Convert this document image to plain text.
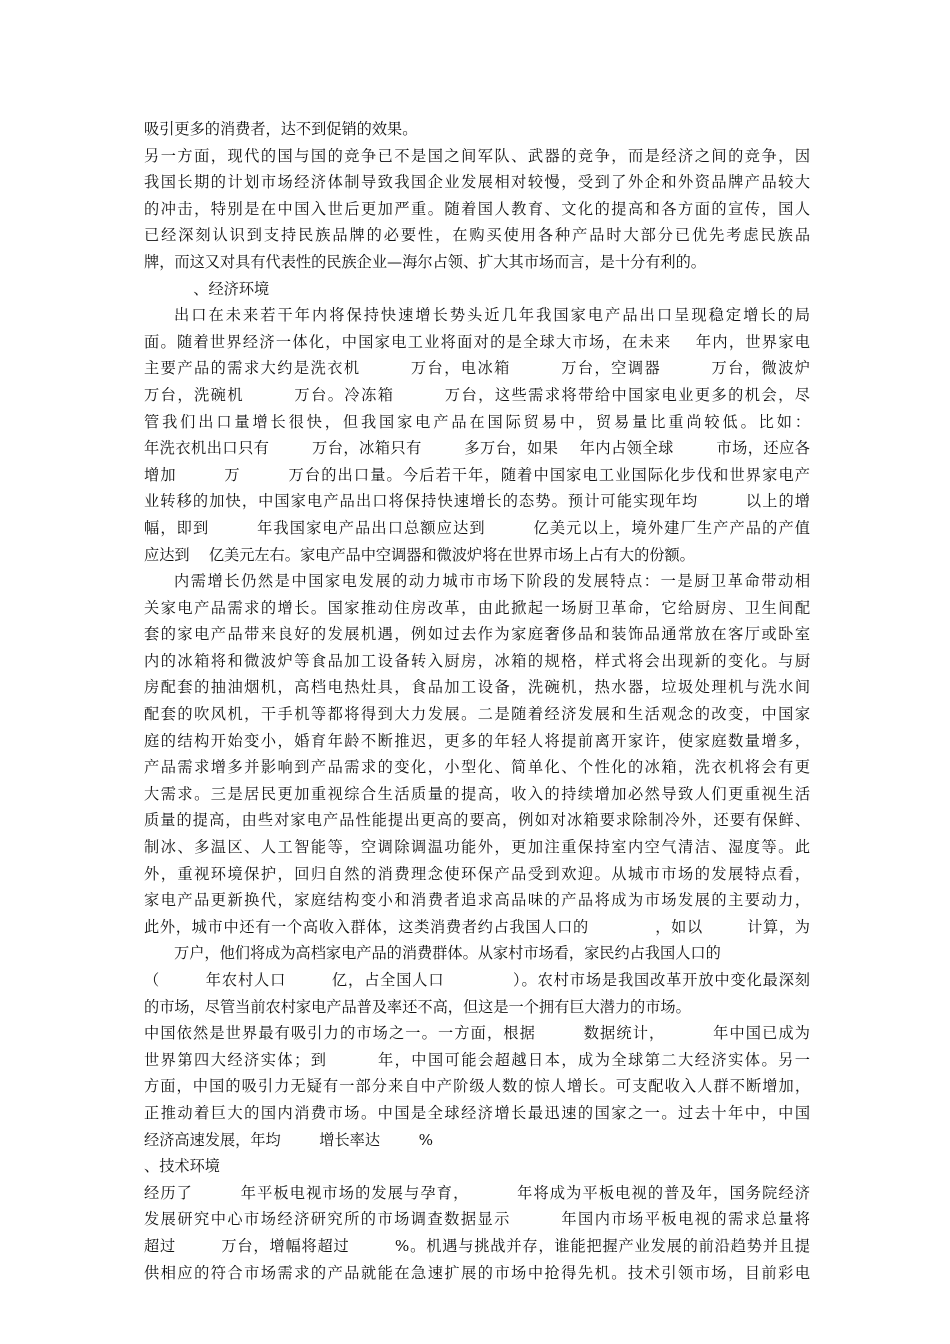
吸引更多的消费者，达不到促销的效果。
另一方面，现代的国与国的竞争已不是国之间军队、武器的竞争，而是经济之间的竞争，因
我国长期的计划市场经济体制导致我国企业发展相对较慢，受到了外企和外资品牌产品较大
的冲击，特别是在中国入世后更加严重。随着国人教育、文化的提高和各方面的宣传，国人
已经深刻认识到支持民族品牌的必要性，在购买使用各种产品时大部分已优先考虑民族品
牌，而这又对具有代表性的民族企业—海尔占领、扩大其市场而言，是十分有利的。
、经济环境
出口在未来若干年内将保持快速增长势头近几年我国家电产品出口呈现稳定增长的局
面。随着世界经济一体化，中国家电工业将面对的是全球大市场，在未来    年内，世界家电
主要产品的需求大约是洗衣机        万台，电冰箱        万台，空调器        万台，微波炉
万台，洗碗机        万台。冷冻箱        万台，这些需求将带给中国家电业更多的机会，尽
管我们出口量增长很快，但我国家电产品在国际贸易中，贸易量比重尚较低。比如：
年洗衣机出口只有        万台，冰箱只有        多万台，如果    年内占领全球        市场，还应各
增加        万        万台的出口量。今后若干年，随着中国家电工业国际化步伐和世界家电产
业转移的加快，中国家电产品出口将保持快速增长的态势。预计可能实现年均        以上的增
幅，即到        年我国家电产品出口总额应达到        亿美元以上，境外建厂生产产品的产值
应达到    亿美元左右。家电产品中空调器和微波炉将在世界市场上占有大的份额。
内需增长仍然是中国家电发展的动力城市市场下阶段的发展特点：一是厨卫革命带动相
关家电产品需求的增长。国家推动住房改革，由此掀起一场厨卫革命，它给厨房、卫生间配
套的家电产品带来良好的发展机遇，例如过去作为家庭奢侈品和装饰品通常放在客厅或卧室
内的冰箱将和微波炉等食品加工设备转入厨房，冰箱的规格，样式将会出现新的变化。与厨
房配套的抽油烟机，高档电热灶具，食品加工设备，洗碗机，热水器，垃圾处理机与洗水间
配套的吹风机，干手机等都将得到大力发展。二是随着经济发展和生活观念的改变，中国家
庭的结构开始变小，婚育年龄不断推迟，更多的年轻人将提前离开家许，使家庭数量增多，
产品需求增多并影响到产品需求的变化，小型化、简单化、个性化的冰箱，洗衣机将会有更
大需求。三是居民更加重视综合生活质量的提高，收入的持续增加必然导致人们更重视生活
质量的提高，由些对家电产品性能提出更高的要高，例如对冰箱要求除制冷外，还要有保鲜、
制冰、多温区、人工智能等，空调除调温功能外，更加注重保持室内空气清洁、湿度等。此
外，重视环境保护，回归自然的消费理念使环保产品受到欢迎。从城市市场的发展特点看，
家电产品更新换代，家庭结构变小和消费者追求高品味的产品将成为市场发展的主要动力，
此外，城市中还有一个高收入群体，这类消费者约占我国人口的            ，如以        计算，为
万户，他们将成为高档家电产品的消费群体。从家村市场看，家民约占我国人口的
（        年农村人口        亿，占全国人口            ）。农村市场是我国改革开放中变化最深刻
的市场，尽管当前农村家电产品普及率还不高，但这是一个拥有巨大潜力的市场。
中国依然是世界最有吸引力的市场之一。一方面，根据        数据统计，        年中国已成为
世界第四大经济实体；到        年，中国可能会超越日本，成为全球第二大经济实体。另一
方面，中国的吸引力无疑有一部分来自中产阶级人数的惊人增长。可支配收入人群不断增加，
正推动着巨大的国内消费市场。中国是全球经济增长最迅速的国家之一。过去十年中，中国
经济高速发展，年均        增长率达        %
、技术环境
经历了        年平板电视市场的发展与孕育，        年将成为平板电视的普及年，国务院经济
发展研究中心市场经济研究所的市场调查数据显示        年国内市场平板电视的需求总量将
超过        万台，增幅将超过        %。机遇与挑战并存，谁能把握产业发展的前沿趋势并且提
供相应的符合市场需求的产品就能在急速扩展的市场中抢得先机。技术引领市场，目前彩电
